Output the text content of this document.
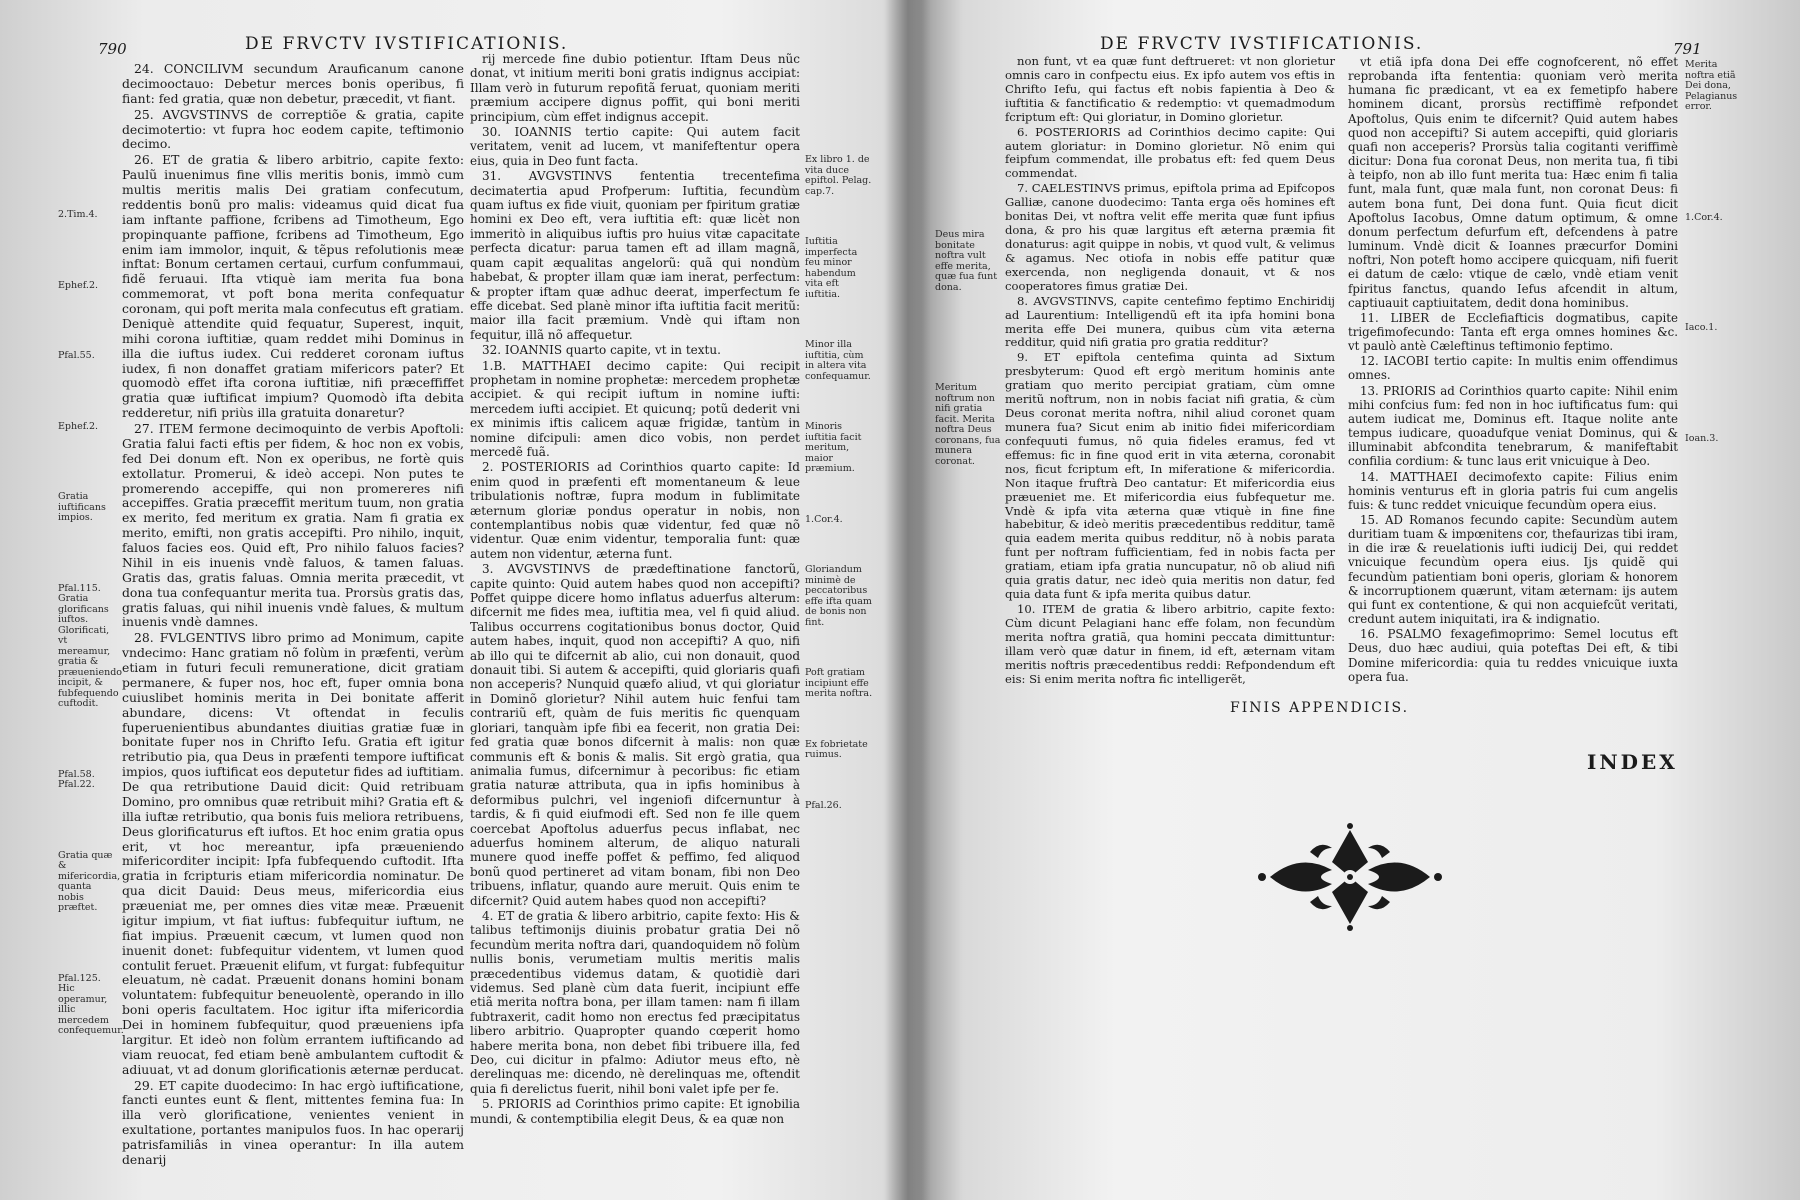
790	DE FRVCTV IVSTIFICATIONIS.

24. CONCILIVM secundum Arauficanum canone decimooctauo: Debetur merces bonis operibus, fi fiant: fed gratia, quæ non debetur, præcedit, vt fiant.

25. AVGVSTINVS de correptiõe & gratia, capite decimotertio: vt fupra hoc eodem capite, teftimonio decimo.

26. ET de gratia & libero arbitrio, capite fexto: Paulũ inuenimus fine vllis meritis bonis, immò cum multis meritis malis Dei gratiam confecutum, reddentis bonũ pro malis: videamus quid dicat fua iam inftante paffione, fcribens ad Timotheum, Ego propinquante paffione, fcribens ad Timotheum, Ego enim iam immolor, inquit, & tẽpus refolutionis meæ inftat: Bonum certamen certaui, curfum confummaui, fidẽ feruaui. Ifta vtiquè iam merita fua bona commemorat, vt poft bona merita confequatur coronam, qui poft merita mala confecutus eft gratiam. Deniquè attendite quid fequatur, Superest, inquit, mihi corona iuftitiæ, quam reddet mihi Dominus in illa die iuftus iudex. Cui redderet coronam iuftus iudex, fi non donaffet gratiam mifericors pater? Et quomodò effet ifta corona iuftitiæ, nifi præceffiffet gratia quæ iuftificat impium? Quomodò ifta debita redderetur, nifi priùs illa gratuita donaretur?

27. ITEM fermone decimoquinto de verbis Apoftoli: Gratia falui facti eftis per fidem, & hoc non ex vobis, fed Dei donum eft. Non ex operibus, ne fortè quis extollatur. Promerui, & ideò accepi. Non putes te promerendo accepiffe, qui non promereres nifi accepiffes. Gratia præceffit meritum tuum, non gratia ex merito, fed meritum ex gratia. Nam fi gratia ex merito, emifti, non gratis accepifti. Pro nihilo, inquit, faluos facies eos. Quid eft, Pro nihilo faluos facies? Nihil in eis inuenis vndè faluos, & tamen faluas. Gratis das, gratis faluas. Omnia merita præcedit, vt dona tua confequantur merita tua. Prorsùs gratis das, gratis faluas, qui nihil inuenis vndè falues, & multum inuenis vndè damnes.

28. FVLGENTIVS libro primo ad Monimum, capite vndecimo: Hanc gratiam nõ folùm in præfenti, verùm etiam in futuri feculi remuneratione, dicit gratiam permanere, & fuper nos, hoc eft, fuper omnia bona cuiuslibet hominis merita in Dei bonitate afferit abundare, dicens: Vt oftendat in feculis fuperuenientibus abundantes diuitias gratiæ fuæ in bonitate fuper nos in Chrifto Iefu. Gratia eft igitur retributio pia, qua Deus in præfenti tempore iuftificat impios, quos iuftificat eos deputetur fides ad iuftitiam. De qua retributione Dauid dicit: Quid retribuam Domino, pro omnibus quæ retribuit mihi? Gratia eft & illa iuftæ retributio, qua bonis fuis meliora retribuens, Deus glorificaturus eft iuftos. Et hoc enim gratia opus erit, vt hoc mereantur, ipfa præueniendo mifericorditer incipit: Ipfa fubfequendo cuftodit. Ifta gratia in fcripturis etiam mifericordia nominatur. De qua dicit Dauid: Deus meus, mifericordia eius præueniat me, per omnes dies vitæ meæ. Præuenit igitur impium, vt fiat iuftus: fubfequitur iuftum, ne fiat impius. Præuenit cæcum, vt lumen quod non inuenit donet: fubfequitur videntem, vt lumen quod contulit feruet. Præuenit elifum, vt furgat: fubfequitur eleuatum, nè cadat. Præuenit donans homini bonam voluntatem: fubfequitur beneuolentè, operando in illo boni operis facultatem. Hoc igitur ifta mifericordia Dei in hominem fubfequitur, quod præueniens ipfa largitur. Et ideò non folùm errantem iuftificando ad viam reuocat, fed etiam benè ambulantem cuftodit & adiuuat, vt ad donum glorificationis æternæ perducat.

29. ET capite duodecimo: In hac ergò iuftificatione, fancti euntes eunt & flent, mittentes femina fua: In illa verò glorificatione, venientes venient in exultatione, portantes manipulos fuos. In hac operarij patrisfamiliâs in vinea operantur: In illa autem denarij

rij mercede fine dubio potientur. Iftam Deus nũc donat, vt initium meriti boni gratis indignus accipiat: Illam verò in futurum repofitã feruat, quoniam meriti præmium accipere dignus poffit, qui boni meriti principium, cùm effet indignus accepit.

30. IOANNIS tertio capite: Qui autem facit veritatem, venit ad lucem, vt manifeftentur opera eius, quia in Deo funt facta.

31. AVGVSTINVS fententia trecentefima decimatertia apud Profperum: Iuftitia, fecundùm quam iuftus ex fide viuit, quoniam per fpiritum gratiæ homini ex Deo eft, vera iuftitia eft: quæ licèt non immeritò in aliquibus iuftis pro huius vitæ capacitate perfecta dicatur: parua tamen eft ad illam magnã, quam capit æqualitas angelorũ: quã qui nondùm habebat, & propter illam quæ iam inerat, perfectum: & propter iftam quæ adhuc deerat, imperfectum fe effe dicebat. Sed planè minor ifta iuftitia facit meritũ: maior illa facit præmium. Vndè qui iftam non fequitur, illã nõ affequetur.

32. IOANNIS quarto capite, vt in textu.

1.B. MATTHAEI decimo capite: Qui recipit prophetam in nomine prophetæ: mercedem prophetæ accipiet. & qui recipit iuftum in nomine iufti: mercedem iufti accipiet. Et quicunq; potũ dederit vni ex minimis iftis calicem aquæ frigidæ, tantùm in nomine difcipuli: amen dico vobis, non perdet mercedẽ fuã.

2. POSTERIORIS ad Corinthios quarto capite: Id enim quod in præfenti eft momentaneum & leue tribulationis noftræ, fupra modum in fublimitate æternum gloriæ pondus operatur in nobis, non contemplantibus nobis quæ videntur, fed quæ nõ videntur. Quæ enim videntur, temporalia funt: quæ autem non videntur, æterna funt.

3. AVGVSTINVS de prædeftinatione fanctorũ, capite quinto: Quid autem habes quod non accepifti? Poffet quippe dicere homo inflatus aduerfus alterum: difcernit me fides mea, iuftitia mea, vel fi quid aliud. Talibus occurrens cogitationibus bonus doctor, Quid autem habes, inquit, quod non accepifti? A quo, nifi ab illo qui te difcernit ab alio, cui non donauit, quod donauit tibi. Si autem & accepifti, quid gloriaris quafi non acceperis? Nunquid quæfo aliud, vt qui gloriatur in Dominõ glorietur? Nihil autem huic fenfui tam contrariũ eft, quàm de fuis meritis fic quenquam gloriari, tanquàm ipfe fibi ea fecerit, non gratia Dei: fed gratia quæ bonos difcernit à malis: non quæ communis eft & bonis & malis. Sit ergò gratia, qua animalia fumus, difcernimur à pecoribus: fic etiam gratia naturæ attributa, qua in ipfis hominibus à deformibus pulchri, vel ingeniofi difcernuntur à tardis, & fi quid eiufmodi eft. Sed non fe ille quem coercebat Apoftolus aduerfus pecus inflabat, nec aduerfus hominem alterum, de aliquo naturali munere quod ineffe poffet & peffimo, fed aliquod bonũ quod pertineret ad vitam bonam, fibi non Deo tribuens, inflatur, quando aure meruit. Quis enim te difcernit? Quid autem habes quod non accepifti?

4. ET de gratia & libero arbitrio, capite fexto: His & talibus teftimonijs diuinis probatur gratia Dei nõ fecundùm merita noftra dari, quandoquidem nõ folùm nullis bonis, verumetiam multis meritis malis præcedentibus videmus datam, & quotidiè dari videmus. Sed planè cùm data fuerit, incipiunt effe etiã merita noftra bona, per illam tamen: nam fi illam fubtraxerit, cadit homo non erectus fed præcipitatus libero arbitrio. Quapropter quando cœperit homo habere merita bona, non debet fibi tribuere illa, fed Deo, cui dicitur in pfalmo: Adiutor meus efto, nè derelinquas me: dicendo, nè derelinquas me, oftendit quia fi derelictus fuerit, nihil boni valet ipfe per fe.

5. PRIORIS ad Corinthios primo capite: Et ignobilia mundi, & contemptibilia elegit Deus, & ea quæ non

2.Tim.4.
Ephef.2.
Pfal.55.
Ephef.2.
Gratia iuftificans impios.
Pfal.115. Gratia glorificans iuftos. Glorificati, vt mereamur, gratia & præueniendo incipit, & fubfequendo cuftodit.
Pfal.58. Pfal.22.
Gratia quæ & mifericordia, quanta nobis præftet.
Pfal.125. Hic operamur, illic mercedem confequemur.
Ex libro 1. de vita duce epiftol. Pelag. cap.7.
Iuftitia imperfecta feu minor habendum vita eft iuftitia.
Minor illa iuftitia, cùm in altera vita confequamur.
Minoris iuftitia facit meritum, maior præmium.
1.Cor.4.
Gloriandum minimè de peccatoribus effe ifta quam de bonis non fint.
Poft gratiam incipiunt effe merita noftra.
Ex fobrietate ruimus.
Pfal.26.
791
DE FRVCTV IVSTIFICATIONIS.

non funt, vt ea quæ funt deftrueret: vt non glorietur omnis caro in confpectu eius. Ex ipfo autem vos eftis in Chrifto Iefu, qui factus eft nobis fapientia à Deo & iuftitia & fanctificatio & redemptio: vt quemadmodum fcriptum eft: Qui gloriatur, in Domino glorietur.

6. POSTERIORIS ad Corinthios decimo capite: Qui autem gloriatur: in Domino glorietur. Nõ enim qui feipfum commendat, ille probatus eft: fed quem Deus commendat.

7. CAELESTINVS primus, epiftola prima ad Epifcopos Galliæ, canone duodecimo: Tanta erga oẽs homines eft bonitas Dei, vt noftra velit effe merita quæ funt ipfius dona, & pro his quæ largitus eft æterna præmia fit donaturus: agit quippe in nobis, vt quod vult, & velimus & agamus. Nec otiofa in nobis effe patitur quæ exercenda, non negligenda donauit, vt & nos cooperatores fimus gratiæ Dei.

8. AVGVSTINVS, capite centefimo feptimo Enchiridij ad Laurentium: Intelligendũ eft ita ipfa homini bona merita effe Dei munera, quibus cùm vita æterna redditur, quid nifi gratia pro gratia redditur?

9. ET epiftola centefima quinta ad Sixtum presbyterum: Quod eft ergò meritum hominis ante gratiam quo merito percipiat gratiam, cùm omne meritũ noftrum, non in nobis faciat nifi gratia, & cùm Deus coronat merita noftra, nihil aliud coronet quam munera fua? Sicut enim ab initio fidei mifericordiam confequuti fumus, nõ quia fideles eramus, fed vt effemus: fic in fine quod erit in vita æterna, coronabit nos, ficut fcriptum eft, In miferatione & mifericordia. Non itaque fruftrà Deo cantatur: Et mifericordia eius præueniet me. Et mifericordia eius fubfequetur me. Vndè & ipfa vita æterna quæ vtiquè in fine fine habebitur, & ideò meritis præcedentibus redditur, tamẽ quia eadem merita quibus redditur, nõ à nobis parata funt per noftram fufficientiam, fed in nobis facta per gratiam, etiam ipfa gratia nuncupatur, nõ ob aliud nifi quia gratis datur, nec ideò quia meritis non datur, fed quia data funt & ipfa merita quibus datur.

10. ITEM de gratia & libero arbitrio, capite fexto: Cùm dicunt Pelagiani hanc effe folam, non fecundùm merita noftra gratiã, qua homini peccata dimittuntur: illam verò quæ datur in finem, id eft, æternam vitam meritis noftris præcedentibus reddi: Refpondendum eft eis: Si enim merita noftra fic intelligerẽt,

vt etiã ipfa dona Dei effe cognofcerent, nõ effet reprobanda ifta fententia: quoniam verò merita humana fic prædicant, vt ea ex femetipfo habere hominem dicant, prorsùs rectiffimè refpondet Apoftolus, Quis enim te difcernit? Quid autem habes quod non accepifti? Si autem accepifti, quid gloriaris quafi non acceperis? Prorsùs talia cogitanti veriffimè dicitur: Dona fua coronat Deus, non merita tua, fi tibi à teipfo, non ab illo funt merita tua: Hæc enim fi talia funt, mala funt, quæ mala funt, non coronat Deus: fi autem bona funt, Dei dona funt. Quia ficut dicit Apoftolus Iacobus, Omne datum optimum, & omne donum perfectum defurfum eft, defcendens à patre luminum. Vndè dicit & Ioannes præcurfor Domini noftri, Non poteft homo accipere quicquam, nifi fuerit ei datum de cælo: vtique de cælo, vndè etiam venit fpiritus fanctus, quando Iefus afcendit in altum, captiuauit captiuitatem, dedit dona hominibus.

11. LIBER de Ecclefiafticis dogmatibus, capite trigefimofecundo: Tanta eft erga omnes homines &c. vt paulò antè Cæleftinus teftimonio feptimo.

12. IACOBI tertio capite: In multis enim offendimus omnes.

13. PRIORIS ad Corinthios quarto capite: Nihil enim mihi confcius fum: fed non in hoc iuftificatus fum: qui autem iudicat me, Dominus eft. Itaque nolite ante tempus iudicare, quoadufque veniat Dominus, qui & illuminabit abfcondita tenebrarum, & manifeftabit confilia cordium: & tunc laus erit vnicuique à Deo.

14. MATTHAEI decimofexto capite: Filius enim hominis venturus eft in gloria patris fui cum angelis fuis: & tunc reddet vnicuique fecundùm opera eius.

15. AD Romanos fecundo capite: Secundùm autem duritiam tuam & impœnitens cor, thefaurizas tibi iram, in die iræ & reuelationis iufti iudicij Dei, qui reddet vnicuique fecundùm opera eius. Ijs quidẽ qui fecundùm patientiam boni operis, gloriam & honorem & incorruptionem quærunt, vitam æternam: ijs autem qui funt ex contentione, & qui non acquiefcũt veritati, credunt autem iniquitati, ira & indignatio.

16. PSALMO fexagefimoprimo: Semel locutus eft Deus, duo hæc audiui, quia poteftas Dei eft, & tibi Domine mifericordia: quia tu reddes vnicuique iuxta opera fua.

Deus mira bonitate noftra vult effe merita, quæ fua funt dona.
Meritum noftrum non nifi gratia facit. Merita noftra Deus coronans, fua munera coronat.
Merita noftra etiã Dei dona, Pelagianus error.
1.Cor.4.
Iaco.1.
Ioan.3.
FINIS APPENDICIS.
INDEX
